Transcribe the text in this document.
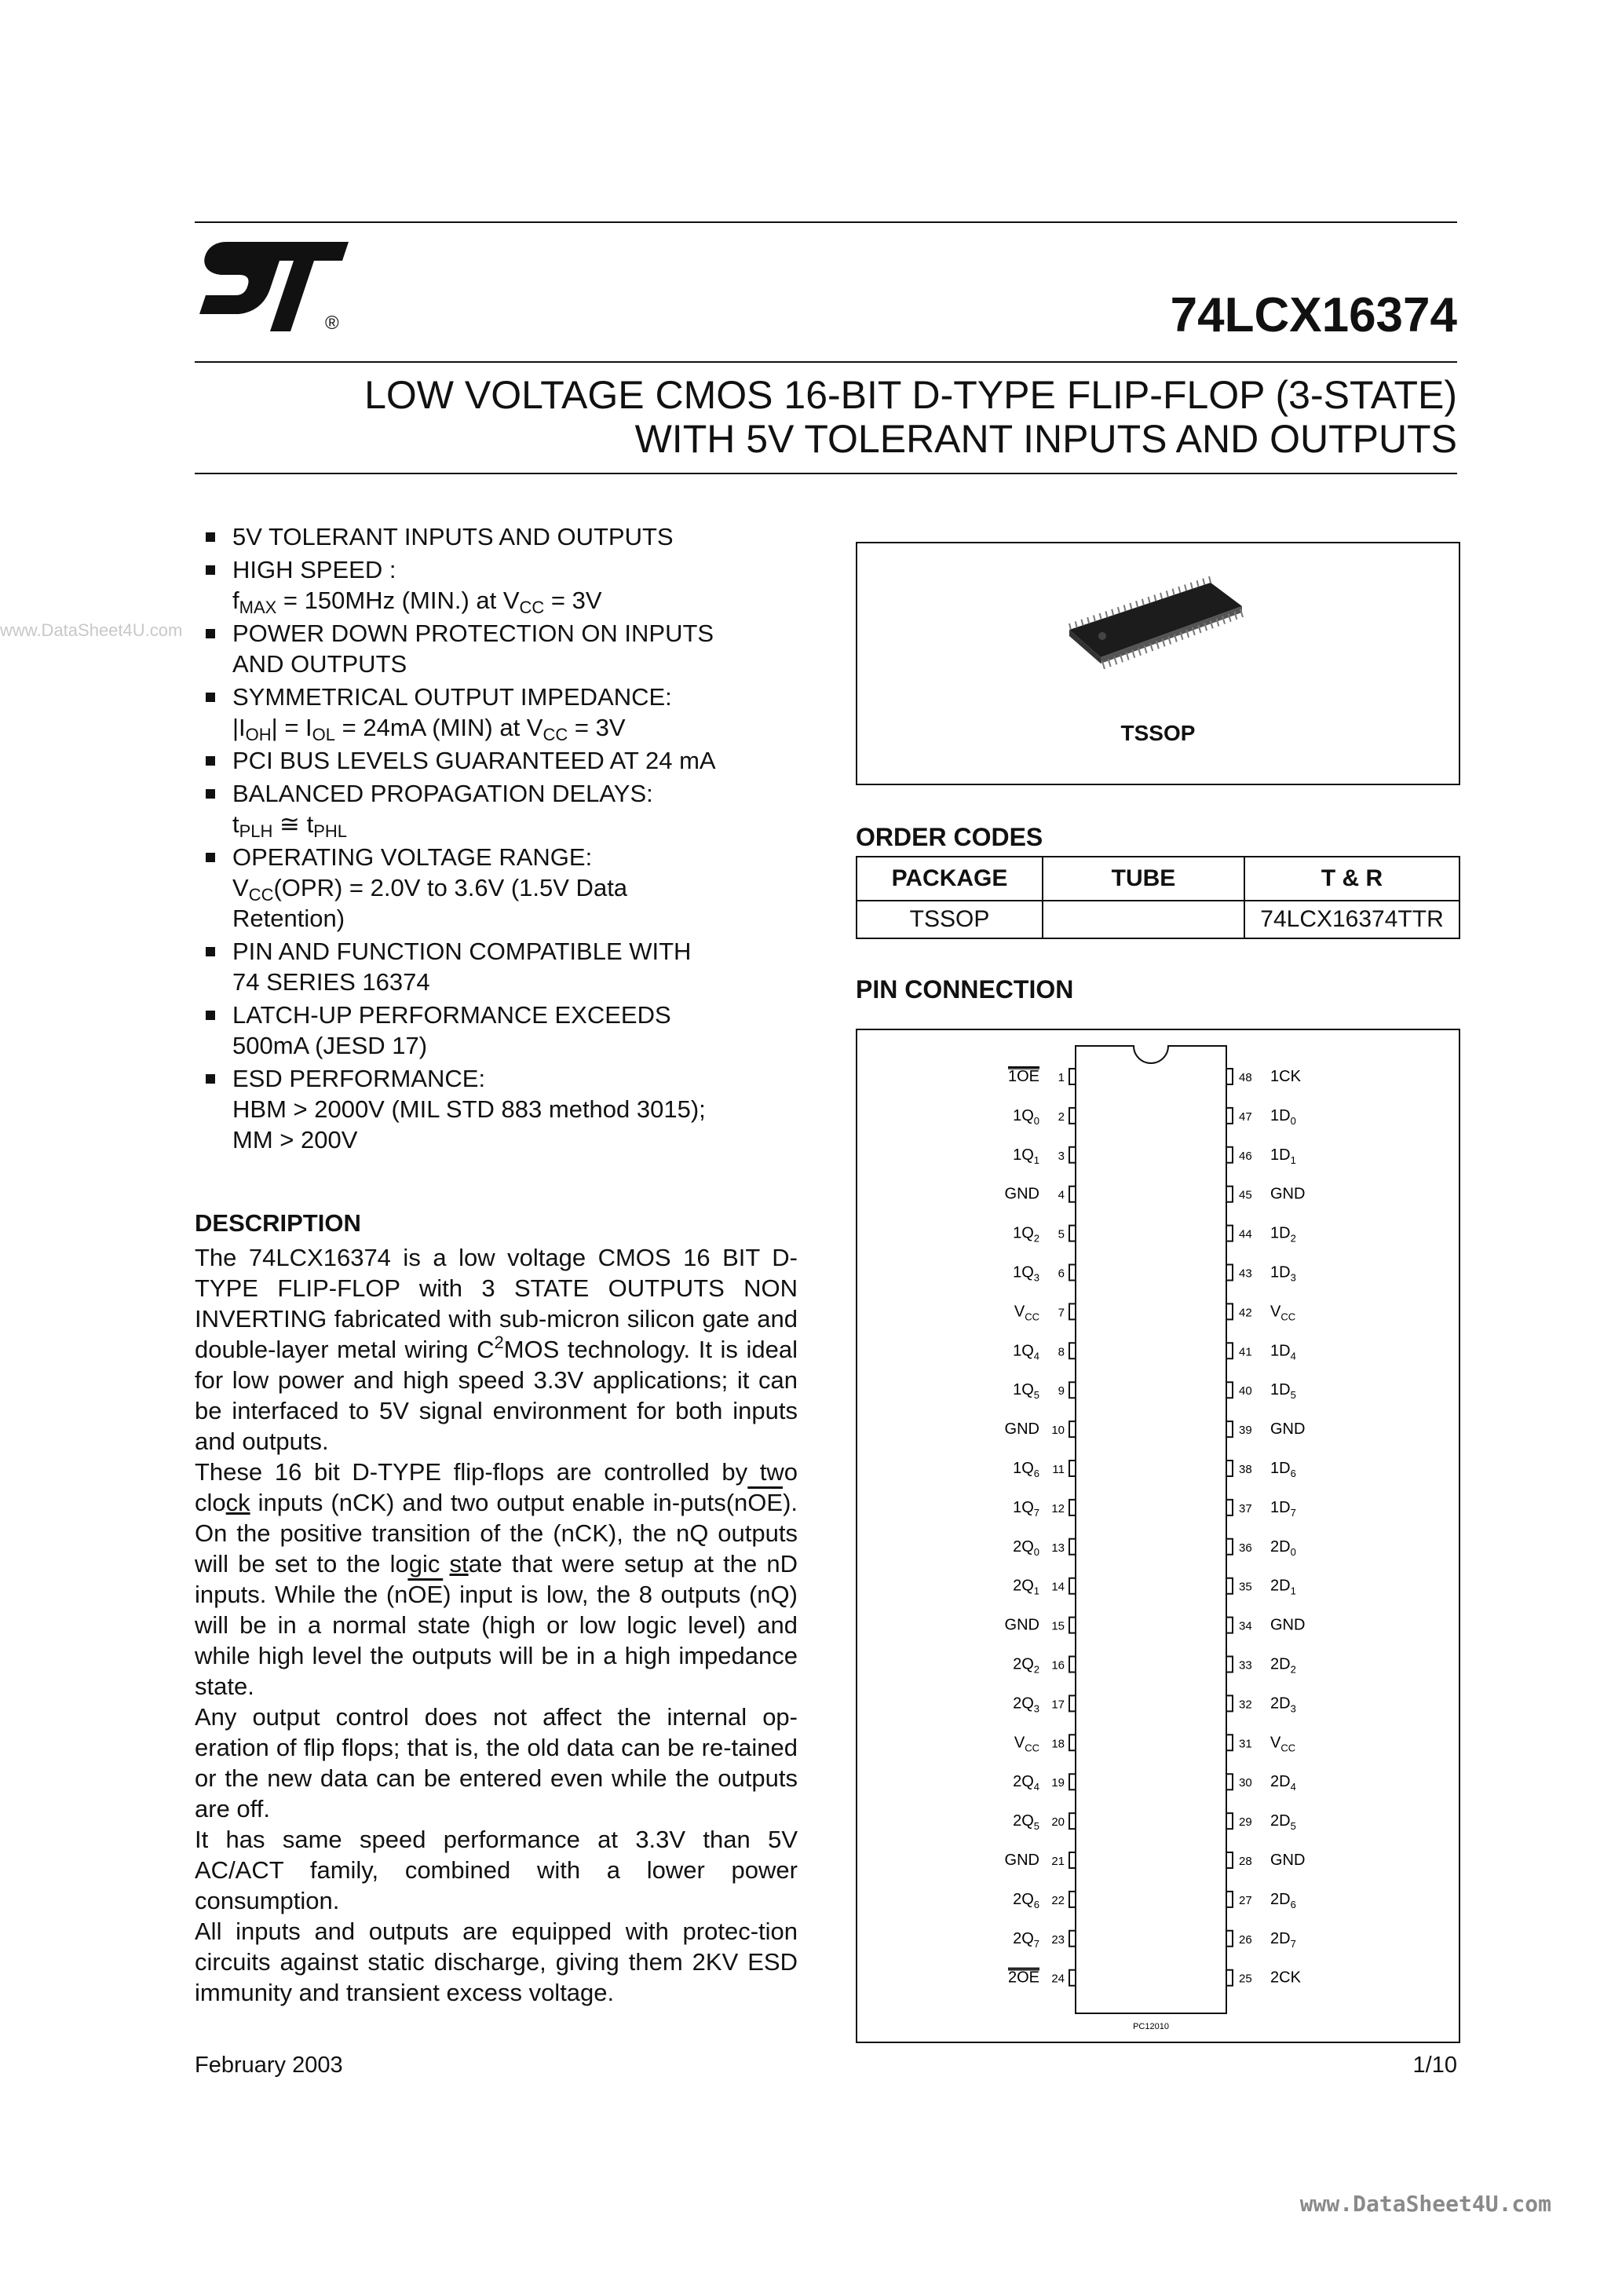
®	74LCX16374
LOW VOLTAGE CMOS 16-BIT D-TYPE FLIP-FLOP (3-STATE)
WITH 5V TOLERANT INPUTS AND OUTPUTS
www.DataSheet4U.com
5V TOLERANT INPUTS AND OUTPUTS
HIGH SPEED :
$f_{MAX} = 150MHz$ (MIN.) at $V_{CC} = 3V$
POWER DOWN PROTECTION ON INPUTS
AND OUTPUTS
SYMMETRICAL OUTPUT IMPEDANCE:
$|I_{OH}| = I_{OL} = 24mA$ (MIN) at $V_{CC} = 3V$
PCI BUS LEVELS GUARANTEED AT 24 mA
BALANCED PROPAGATION DELAYS:
$t_{PLH}$ ≅ $t_{PHL}$
OPERATING VOLTAGE RANGE:
$V_{CC}(OPR) = 2.0V$ to 3.6V (1.5V Data
Retention)
PIN AND FUNCTION COMPATIBLE WITH
74 SERIES 16374
LATCH-UP PERFORMANCE EXCEEDS
500mA (JESD 17)
ESD PERFORMANCE:
HBM > 2000V (MIL STD 883 method 3015);
MM > 200V
DESCRIPTION

The 74LCX16374 is a low voltage CMOS 16 BIT D-TYPE FLIP-FLOP with 3 STATE OUTPUTS NON INVERTING fabricated with sub-micron silicon gate and double-layer metal wiring $C^2MOS$ technology. It is ideal for low power and high speed 3.3V applications; it can be interfaced to 5V signal environment for both inputs and outputs.

These 16 bit D-TYPE flip-flops are controlled by two clock inputs (nCK) and two output enable $in-puts(n\overline{OE})$. On the positive transition of the (nCK), the nQ outputs will be set to the logic state that were setup at the nD inputs. While the $(n\overline{OE})$ input is low, the 8 outputs (nQ) will be in a normal state (high or low logic level) and while high level the outputs will be in a high impedance state.

Any output control does not affect the internal op-eration of flip flops; that is, the old data can be re-tained or the new data can be entered even while the outputs are off.

It has same speed performance at 3.3V than 5V AC/ACT family, combined with a lower power consumption.

All inputs and outputs are equipped with protec-tion circuits against static discharge, giving them 2KV ESD immunity and transient excess voltage.

TSSOP
ORDER CODES
PACKAGE	TUBE	T & R
TSSOP		74LCX16374TTR
PIN CONNECTION
1
1OE
2
$1Q_0$
3
$1Q_1$
4
GND
5
$1Q_2$
6
$1Q_3$
7
$V_{CC}$
8
$1Q_4$
9
$1Q_5$
10
GND
11
$1Q_6$
12
$1Q_7$
13
$2Q_0$
14
$2Q_1$
15
GND
16
$2Q_2$
17
$2Q_3$
18
$V_{CC}$
19
$2Q_4$
20
$2Q_5$
21
GND
22
$2Q_6$
23
$2Q_7$
24
2OE
48 1CK
47 $1D_0$
46 $1D_1$
45 GND
44 $1D_2$
43 $1D_3$
42 $V_{CC}$
41 $1D_4$
40 $1D_5$
39 GND
38 $1D_6$
37 $1D_7$
36 $2D_0$
35 $2D_1$
34 GND
33 $2D_2$
32 $2D_3$
31 $V_{CC}$
30 $2D_4$
29 $2D_5$
28 GND
27 $2D_6$
26 $2D_7$
25 2CK
PC12010
February 2003	1/10
www.DataSheet4U.com
